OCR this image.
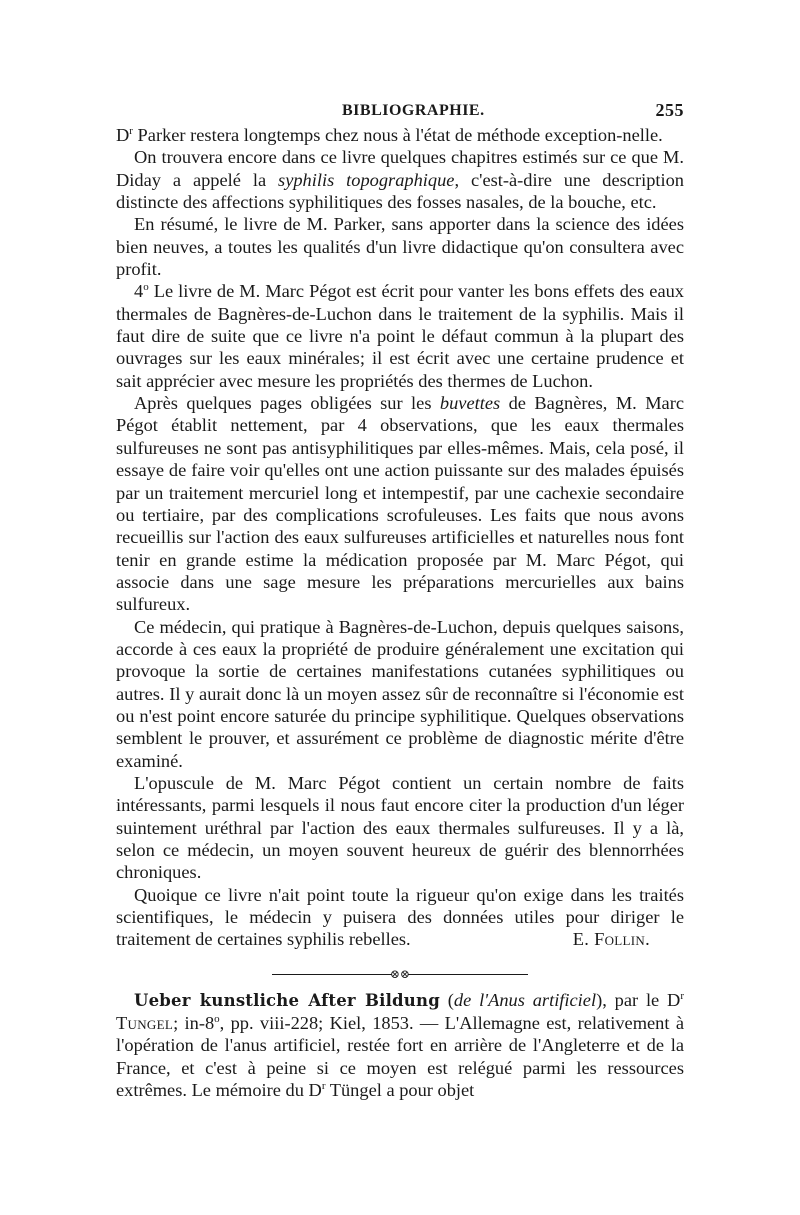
BIBLIOGRAPHIE.	255

$D^r$ Parker restera longtemps chez nous à l'état de méthode exception-nelle.

On trouvera encore dans ce livre quelques chapitres estimés sur ce que M. Diday a appelé la syphilis topographique, c'est-à-dire une description distincte des affections syphilitiques des fosses nasales, de la bouche, etc.

En résumé, le livre de M. Parker, sans apporter dans la science des idées bien neuves, a toutes les qualités d'un livre didactique qu'on consultera avec profit.

4$^o$ Le livre de M. Marc Pégot est écrit pour vanter les bons effets des eaux thermales de Bagnères-de-Luchon dans le traitement de la syphilis. Mais il faut dire de suite que ce livre n'a point le défaut commun à la plupart des ouvrages sur les eaux minérales; il est écrit avec une certaine prudence et sait apprécier avec mesure les propriétés des thermes de Luchon.

Après quelques pages obligées sur les buvettes de Bagnères, M. Marc Pégot établit nettement, par 4 observations, que les eaux thermales sulfureuses ne sont pas antisyphilitiques par elles-mêmes. Mais, cela posé, il essaye de faire voir qu'elles ont une action puissante sur des malades épuisés par un traitement mercuriel long et intempestif, par une cachexie secondaire ou tertiaire, par des complications scrofuleuses. Les faits que nous avons recueillis sur l'action des eaux sulfureuses artificielles et naturelles nous font tenir en grande estime la médication proposée par M. Marc Pégot, qui associe dans une sage mesure les préparations mercurielles aux bains sulfureux.

Ce médecin, qui pratique à Bagnères-de-Luchon, depuis quelques saisons, accorde à ces eaux la propriété de produire généralement une excitation qui provoque la sortie de certaines manifestations cutanées syphilitiques ou autres. Il y aurait donc là un moyen assez sûr de reconnaître si l'économie est ou n'est point encore saturée du principe syphilitique. Quelques observations semblent le prouver, et assurément ce problème de diagnostic mérite d'être examiné.

L'opuscule de M. Marc Pégot contient un certain nombre de faits intéressants, parmi lesquels il nous faut encore citer la production d'un léger suintement uréthral par l'action des eaux thermales sulfureuses. Il y a là, selon ce médecin, un moyen souvent heureux de guérir des blennorrhées chroniques.

Quoique ce livre n'ait point toute la rigueur qu'on exige dans les traités scientifiques, le médecin y puisera des données utiles pour diriger le traitement de certaines syphilis rebelles.	E. Follin.

⊗⊗

Ueber kunstliche After Bildung (de l'Anus artificiel), par le $D^r$ Tungel; in-8$^o$, pp. viii-228; Kiel, 1853. — L'Allemagne est, relativement à l'opération de l'anus artificiel, restée fort en arrière de l'Angleterre et de la France, et c'est à peine si ce moyen est relégué parmi les ressources extrêmes. Le mémoire du $D^r$ Tüngel a pour objet
